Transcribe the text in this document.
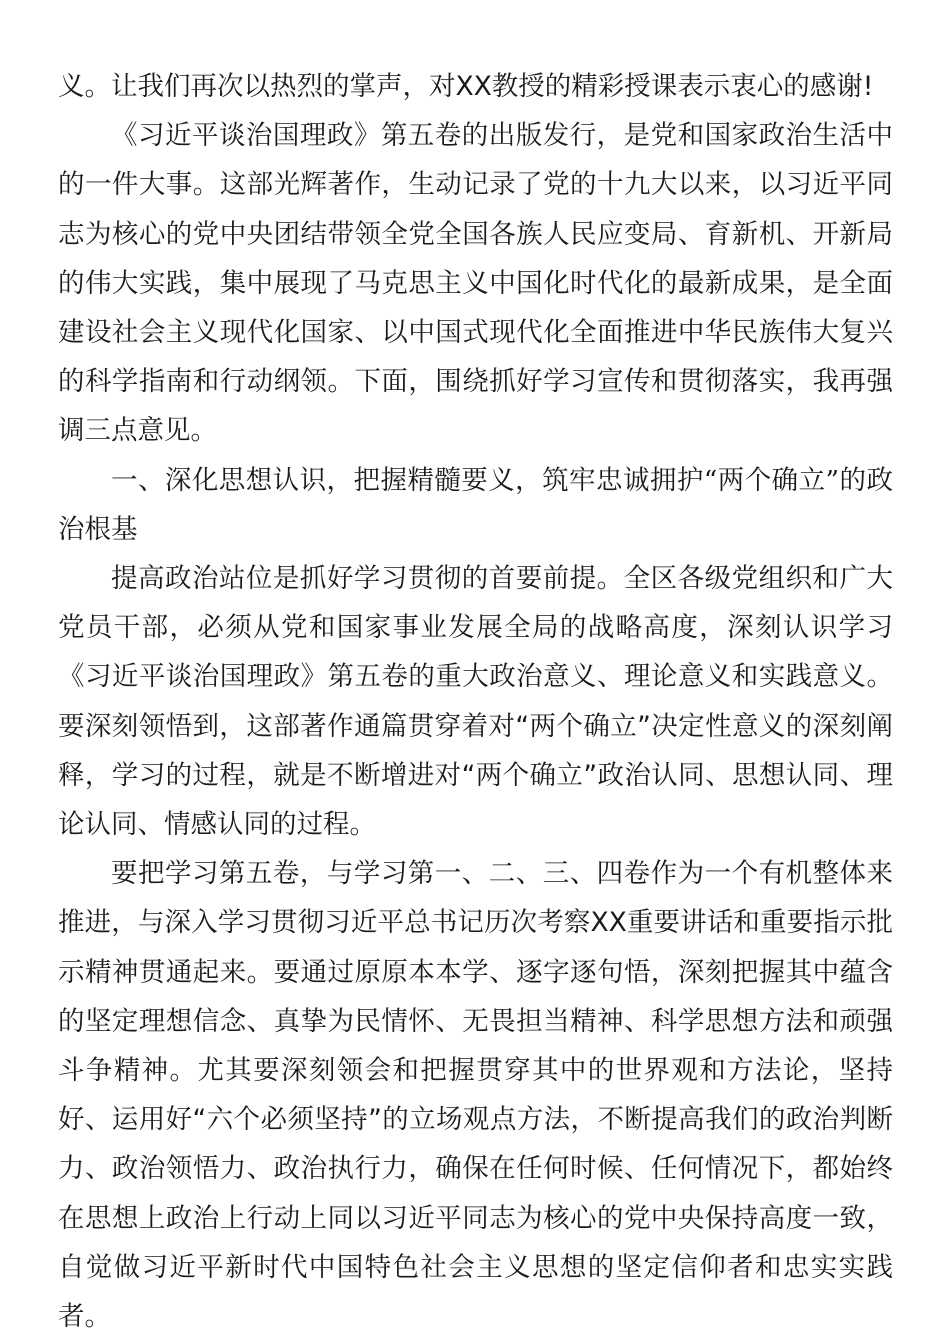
义。让我们再次以热烈的掌声，对XX教授的精彩授课表示衷心的感谢!

《习近平谈治国理政》第五卷的出版发行，是党和国家政治生活中的一件大事。这部光辉著作，生动记录了党的十九大以来，以习近平同志为核心的党中央团结带领全党全国各族人民应变局、育新机、开新局的伟大实践，集中展现了马克思主义中国化时代化的最新成果，是全面建设社会主义现代化国家、以中国式现代化全面推进中华民族伟大复兴的科学指南和行动纲领。下面，围绕抓好学习宣传和贯彻落实，我再强调三点意见。

一、深化思想认识，把握精髓要义，筑牢忠诚拥护“两个确立”的政治根基

提高政治站位是抓好学习贯彻的首要前提。全区各级党组织和广大党员干部，必须从党和国家事业发展全局的战略高度，深刻认识学习《习近平谈治国理政》第五卷的重大政治意义、理论意义和实践意义。要深刻领悟到，这部著作通篇贯穿着对“两个确立”决定性意义的深刻阐释，学习的过程，就是不断增进对“两个确立”政治认同、思想认同、理论认同、情感认同的过程。

要把学习第五卷，与学习第一、二、三、四卷作为一个有机整体来推进，与深入学习贯彻习近平总书记历次考察XX重要讲话和重要指示批示精神贯通起来。要通过原原本本学、逐字逐句悟，深刻把握其中蕴含的坚定理想信念、真挚为民情怀、无畏担当精神、科学思想方法和顽强斗争精神。尤其要深刻领会和把握贯穿其中的世界观和方法论，坚持好、运用好“六个必须坚持”的立场观点方法，不断提高我们的政治判断力、政治领悟力、政治执行力，确保在任何时候、任何情况下，都始终在思想上政治上行动上同以习近平同志为核心的党中央保持高度一致，自觉做习近平新时代中国特色社会主义思想的坚定信仰者和忠实实践者。
